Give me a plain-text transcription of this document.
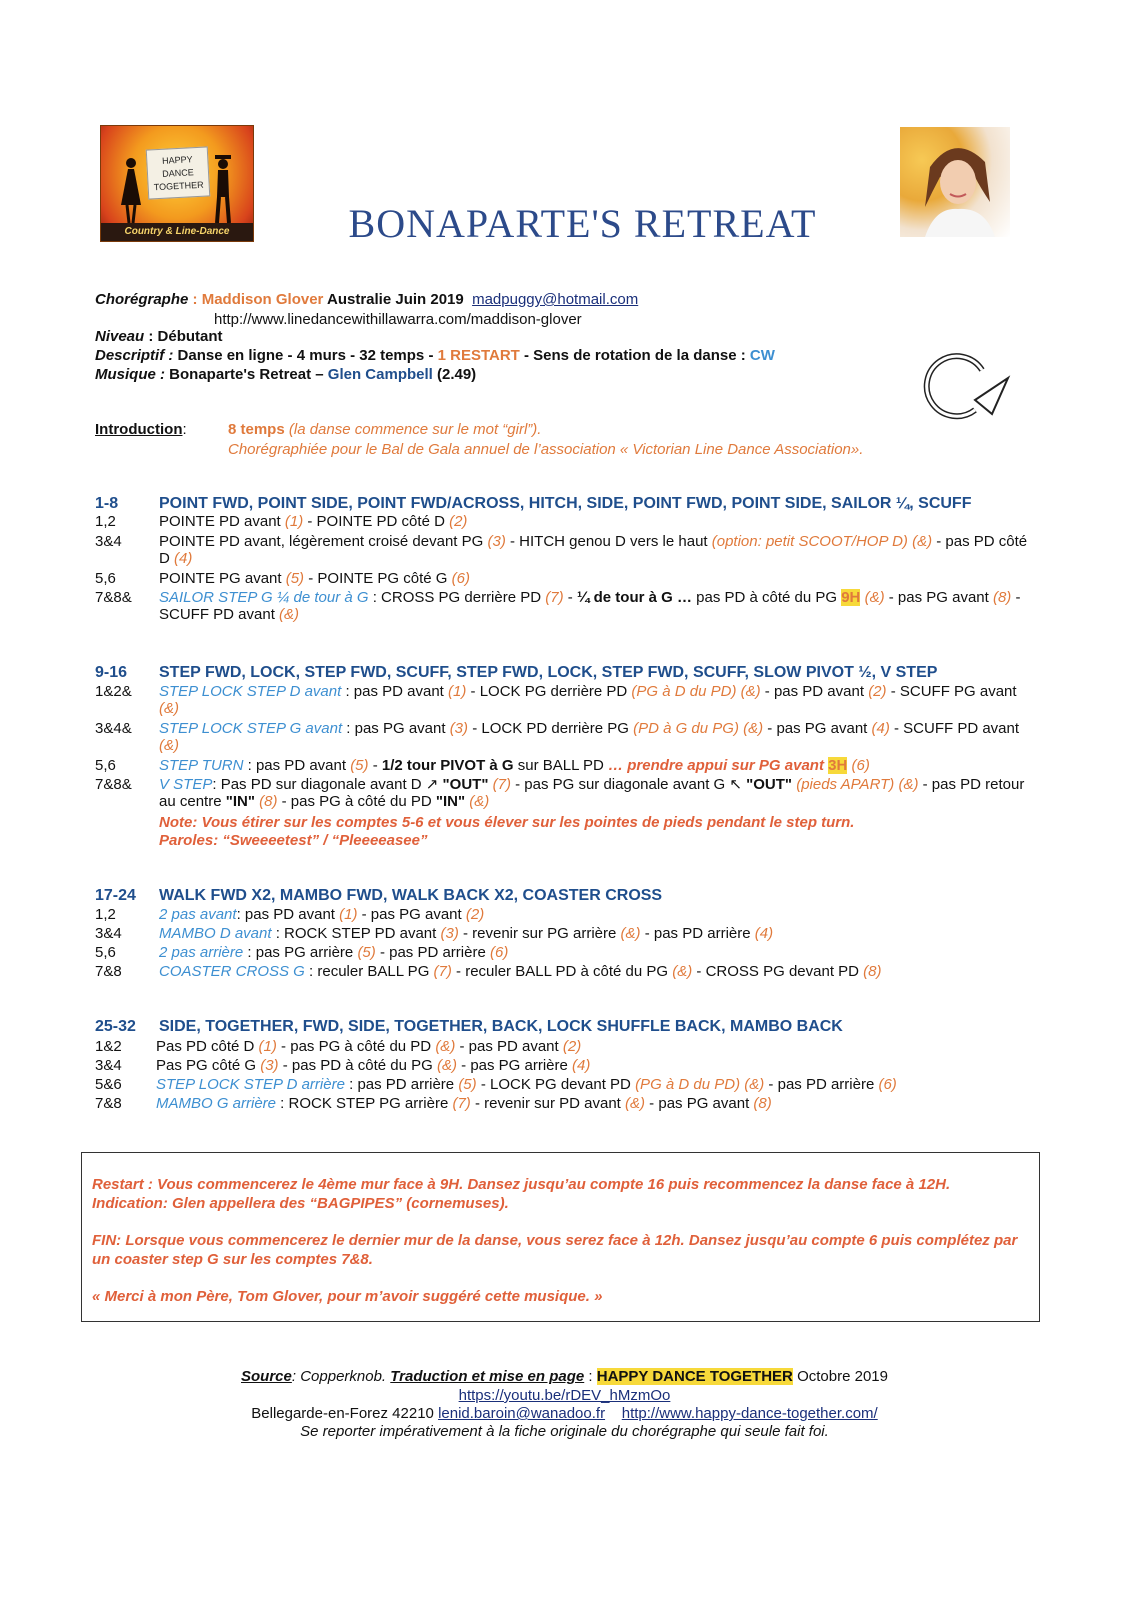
HAPPY
DANCE
TOGETHER
Country & Line-Dance	BONAPARTE'S RETREAT
Chorégraphe : Maddison Glover Australie Juin 2019 madpuggy@hotmail.com
http://www.linedancewithillawarra.com/maddison-glover
Niveau : Débutant
Descriptif : Danse en ligne - 4 murs - 32 temps - 1 RESTART - Sens de rotation de la danse : CW
Musique : Bonaparte's Retreat – Glen Campbell (2.49)
Introduction:	8 temps (la danse commence sur le mot “girl”).
Chorégraphiée pour le Bal de Gala annuel de l’association « Victorian Line Dance Association».
1-8	POINT FWD, POINT SIDE, POINT FWD/ACROSS, HITCH, SIDE, POINT FWD, POINT SIDE, SAILOR ¼, SCUFF
1,2	POINTE PD avant (1) - POINTE PD côté D (2)
3&4	POINTE PD avant, légèrement croisé devant PG (3) - HITCH genou D vers le haut (option: petit SCOOT/HOP D) (&) - pas PD côté D (4)
5,6	POINTE PG avant (5) - POINTE PG côté G (6)
7&8&	SAILOR STEP G ¼ de tour à G : CROSS PG derrière PD (7) - ¼ de tour à G … pas PD à côté du PG 9H (&) - pas PG avant (8) - SCUFF PD avant (&)
9-16 STEP FWD, LOCK, STEP FWD, SCUFF, STEP FWD, LOCK, STEP FWD, SCUFF, SLOW PIVOT ½, V STEP
1&2&	STEP LOCK STEP D avant : pas PD avant (1) - LOCK PG derrière PD (PG à D du PD) (&) - pas PD avant (2) - SCUFF PG avant (&)
3&4&	STEP LOCK STEP G avant : pas PG avant (3) - LOCK PD derrière PG (PD à G du PG) (&) - pas PG avant (4) - SCUFF PD avant (&)
5,6	STEP TURN : pas PD avant (5) - 1/2 tour PIVOT à G sur BALL PD … prendre appui sur PG avant 3H (6)
7&8&	V STEP: Pas PD sur diagonale avant D ↗ "OUT" (7) - pas PG sur diagonale avant G ↖ "OUT" (pieds APART) (&) - pas PD retour au centre "IN" (8) - pas PG à côté du PD "IN" (&)
Note: Vous étirer sur les comptes 5-6 et vous élever sur les pointes de pieds pendant le step turn.
Paroles: “Sweeeetest” / “Pleeeeasee”
17-24 WALK FWD X2, MAMBO FWD, WALK BACK X2, COASTER CROSS
1,2	2 pas avant: pas PD avant (1) - pas PG avant (2)
3&4	MAMBO D avant : ROCK STEP PD avant (3) - revenir sur PG arrière (&) - pas PD arrière (4)
5,6	2 pas arrière : pas PG arrière (5) - pas PD arrière (6)
7&8	COASTER CROSS G : reculer BALL PG (7) - reculer BALL PD à côté du PG (&) - CROSS PG devant PD (8)
25-32 SIDE, TOGETHER, FWD, SIDE, TOGETHER, BACK, LOCK SHUFFLE BACK, MAMBO BACK
1&2	Pas PD côté D (1) - pas PG à côté du PD (&) - pas PD avant (2)
3&4	Pas PG côté G (3) - pas PD à côté du PG (&) - pas PG arrière (4)
5&6	STEP LOCK STEP D arrière : pas PD arrière (5) - LOCK PG devant PD (PG à D du PD) (&) - pas PD arrière (6)
7&8	MAMBO G arrière : ROCK STEP PG arrière (7) - revenir sur PD avant (&) - pas PG avant (8)

Restart : Vous commencerez le 4ème mur face à 9H. Dansez jusqu’au compte 16 puis recommencez la danse face à 12H.

Indication: Glen appellera des “BAGPIPES” (cornemuses).

FIN: Lorsque vous commencerez le dernier mur de la danse, vous serez face à 12h. Dansez jusqu’au compte 6 puis complétez par un coaster step G sur les comptes 7&8.

« Merci à mon Père, Tom Glover, pour m’avoir suggéré cette musique. »

Source: Copperknob. Traduction et mise en page : HAPPY DANCE TOGETHER Octobre 2019
https://youtu.be/rDEV_hMzmOo
Bellegarde-en-Forez 42210 lenid.baroin@wanadoo.fr http://www.happy-dance-together.com/
Se reporter impérativement à la fiche originale du chorégraphe qui seule fait foi.
